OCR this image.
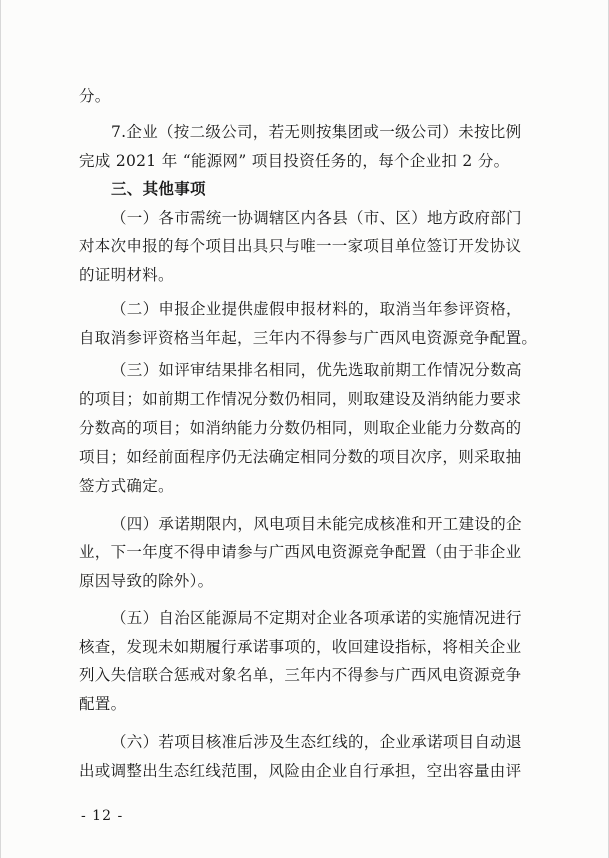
分。
7.企业（按二级公司，若无则按集团或一级公司）未按比例
完成 2021 年 “能源网” 项目投资任务的，每个企业扣 2 分。
三、其他事项
（一）各市需统一协调辖区内各县（市、区）地方政府部门
对本次申报的每个项目出具只与唯一一家项目单位签订开发协议
的证明材料。
（二）申报企业提供虚假申报材料的，取消当年参评资格，
自取消参评资格当年起，三年内不得参与广西风电资源竞争配置。
（三）如评审结果排名相同，优先选取前期工作情况分数高
的项目；如前期工作情况分数仍相同，则取建设及消纳能力要求
分数高的项目；如消纳能力分数仍相同，则取企业能力分数高的
项目；如经前面程序仍无法确定相同分数的项目次序，则采取抽
签方式确定。
（四）承诺期限内，风电项目未能完成核准和开工建设的企
业，下一年度不得申请参与广西风电资源竞争配置（由于非企业
原因导致的除外）。
（五）自治区能源局不定期对企业各项承诺的实施情况进行
核查，发现未如期履行承诺事项的，收回建设指标，将相关企业
列入失信联合惩戒对象名单，三年内不得参与广西风电资源竞争
配置。
（六）若项目核准后涉及生态红线的，企业承诺项目自动退
出或调整出生态红线范围，风险由企业自行承担，空出容量由评
- 12 -
